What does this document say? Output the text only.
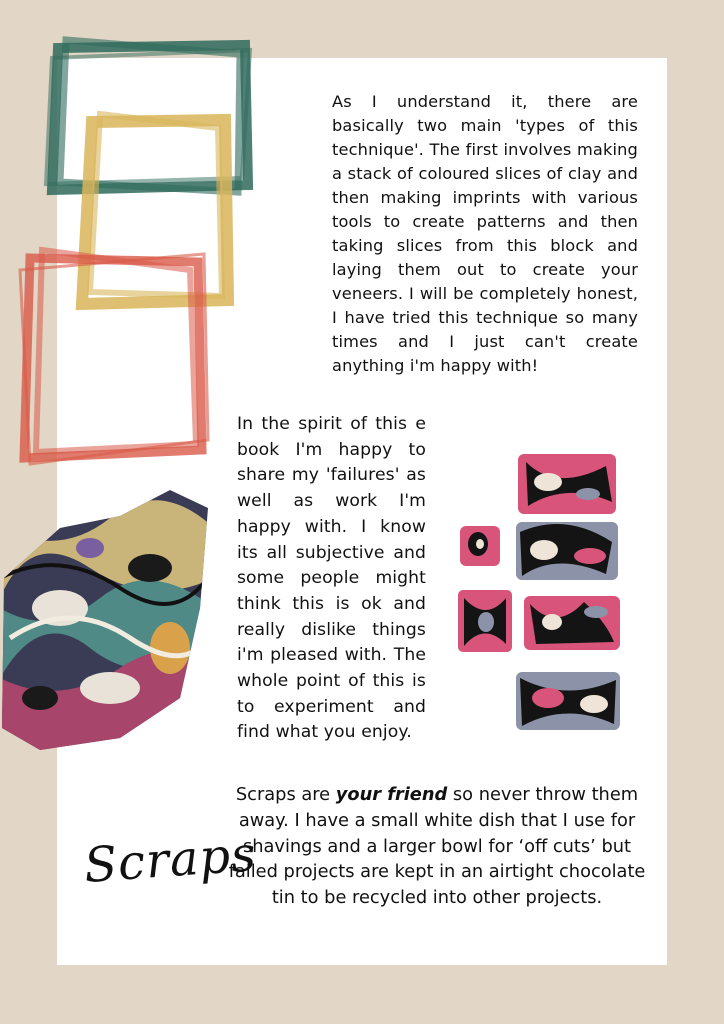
As I understand it, there are basically two main 'types of this technique'. The first involves making a stack of coloured slices of clay and then making imprints with various tools to create patterns and then taking slices from this block and laying them out to create your veneers. I will be completely honest, I have tried this technique so many times and I just can't create anything i'm happy with!

In the spirit of this e book I'm happy to share my 'failures' as well as work I'm happy with. I know its all subjective and some people might think this is ok and really dislike things i'm pleased with. The whole point of this is to experiment and find what you enjoy.

Scraps are your friend so never throw them away. I have a small white dish that I use for shavings and a larger bowl for ‘off cuts’ but failed projects are kept in an airtight chocolate tin to be recycled into other projects.

Scraps
